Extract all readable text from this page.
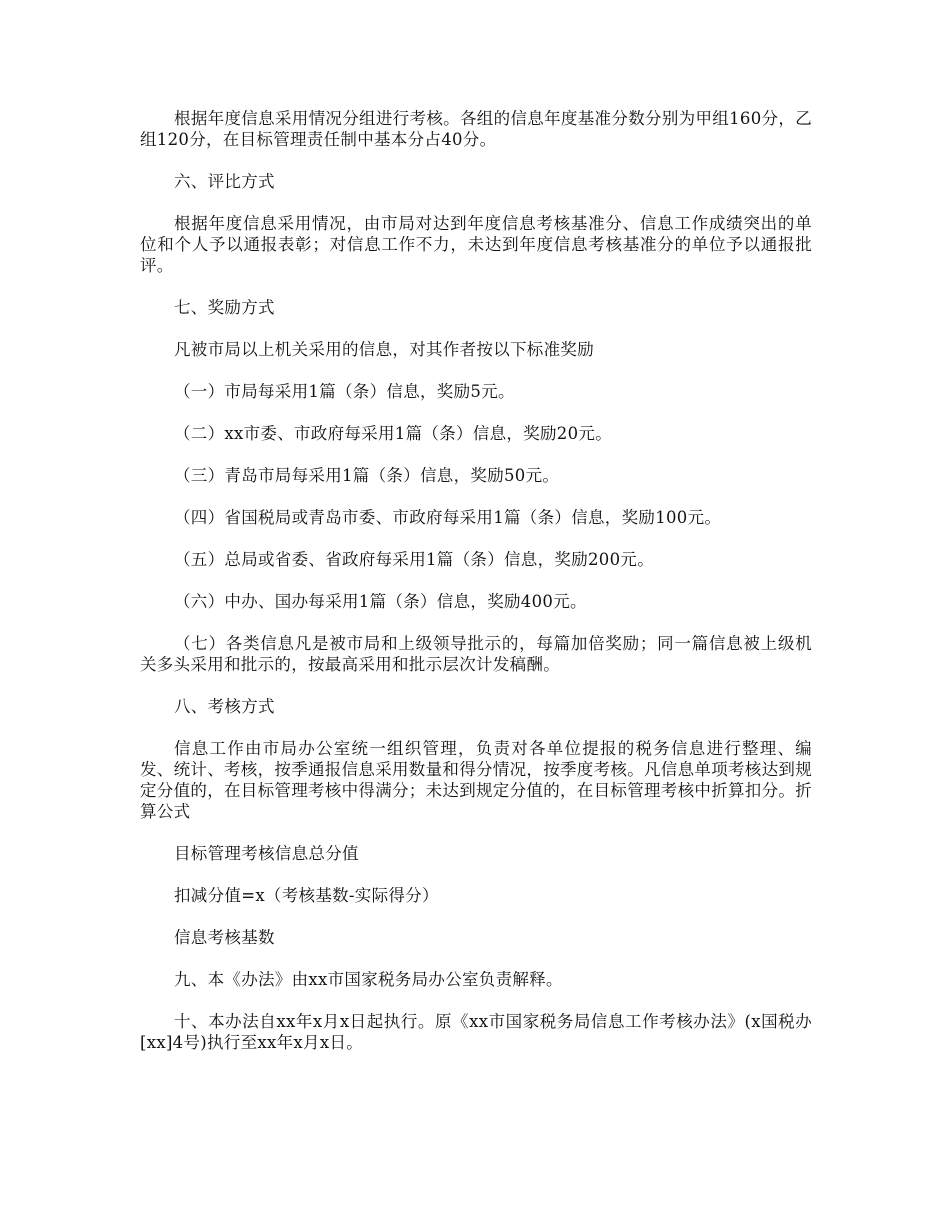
根据年度信息采用情况分组进行考核。各组的信息年度基准分数分别为甲组160分，乙组120分，在目标管理责任制中基本分占40分。

六、评比方式

根据年度信息采用情况，由市局对达到年度信息考核基准分、信息工作成绩突出的单位和个人予以通报表彰；对信息工作不力，未达到年度信息考核基准分的单位予以通报批评。

七、奖励方式

凡被市局以上机关采用的信息，对其作者按以下标准奖励

（一）市局每采用1篇（条）信息，奖励5元。

（二）xx市委、市政府每采用1篇（条）信息，奖励20元。

（三）青岛市局每采用1篇（条）信息，奖励50元。

（四）省国税局或青岛市委、市政府每采用1篇（条）信息，奖励100元。

（五）总局或省委、省政府每采用1篇（条）信息，奖励200元。

（六）中办、国办每采用1篇（条）信息，奖励400元。

（七）各类信息凡是被市局和上级领导批示的，每篇加倍奖励；同一篇信息被上级机关多头采用和批示的，按最高采用和批示层次计发稿酬。

八、考核方式

信息工作由市局办公室统一组织管理，负责对各单位提报的税务信息进行整理、编发、统计、考核，按季通报信息采用数量和得分情况，按季度考核。凡信息单项考核达到规定分值的，在目标管理考核中得满分；未达到规定分值的，在目标管理考核中折算扣分。折算公式

目标管理考核信息总分值

扣减分值=x（考核基数-实际得分）

信息考核基数

九、本《办法》由xx市国家税务局办公室负责解释。

十、本办法自xx年x月x日起执行。原《xx市国家税务局信息工作考核办法》(x国税办[xx]4号)执行至xx年x月x日。
